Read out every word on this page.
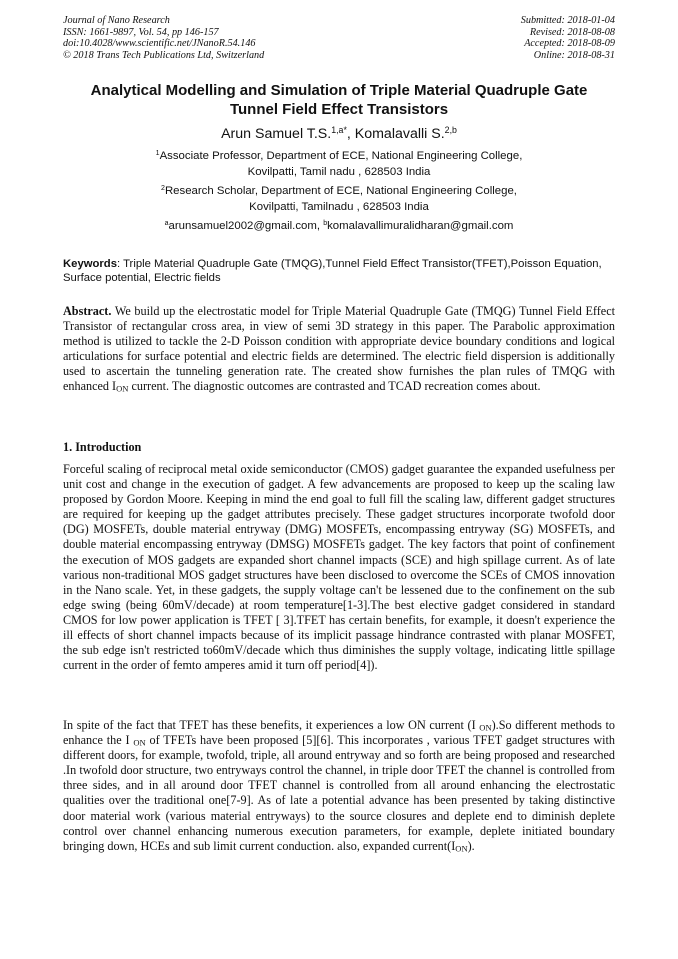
Journal of Nano Research
ISSN: 1661-9897, Vol. 54, pp 146-157
doi:10.4028/www.scientific.net/JNanoR.54.146
© 2018 Trans Tech Publications Ltd, Switzerland
Submitted: 2018-01-04
Revised: 2018-08-08
Accepted: 2018-08-09
Online: 2018-08-31
Analytical Modelling and Simulation of Triple Material Quadruple Gate
Tunnel Field Effect Transistors
Arun Samuel T.S.$^{1,a*}$, Komalavalli S.$^{2,b}$
$^1$Associate Professor, Department of ECE, National Engineering College,
Kovilpatti, Tamil nadu , 628503 India
$^2$Research Scholar, Department of ECE, National Engineering College,
Kovilpatti, Tamilnadu , 628503 India
$^a$arunsamuel2002@gmail.com, $^b$komalavallimuralidharan@gmail.com
Keywords: Triple Material Quadruple Gate (TMQG),Tunnel Field Effect Transistor(TFET),Poisson Equation, Surface potential, Electric fields

Abstract. We build up the electrostatic model for Triple Material Quadruple Gate (TMQG) Tunnel Field Effect Transistor of rectangular cross area, in view of semi 3D strategy in this paper. The Parabolic approximation method is utilized to tackle the 2-D Poisson condition with appropriate device boundary conditions and logical articulations for surface potential and electric fields are determined. The electric field dispersion is additionally used to ascertain the tunneling generation rate. The created show furnishes the plan rules of TMQG with enhanced $I_{ON}$ current. The diagnostic outcomes are contrasted and TCAD recreation comes about.

1. Introduction

Forceful scaling of reciprocal metal oxide semiconductor (CMOS) gadget guarantee the expanded usefulness per unit cost and change in the execution of gadget. A few advancements are proposed to keep up the scaling law proposed by Gordon Moore. Keeping in mind the end goal to full fill the scaling law, different gadget structures are required for keeping up the gadget attributes precisely. These gadget structures incorporate twofold door (DG) MOSFETs, double material entryway (DMG) MOSFETs, encompassing entryway (SG) MOSFETs, and double material encompassing entryway (DMSG) MOSFETs gadget. The key factors that point of confinement the execution of MOS gadgets are expanded short channel impacts (SCE) and high spillage current. As of late various non-traditional MOS gadget structures have been disclosed to overcome the SCEs of CMOS innovation in the Nano scale. Yet, in these gadgets, the supply voltage can't be lessened due to the confinement on the sub edge swing (being 60mV/decade) at room temperature[1-3].The best elective gadget considered in standard CMOS for low power application is TFET [ 3].TFET has certain benefits, for example, it doesn't experience the ill effects of short channel impacts because of its implicit passage hindrance contrasted with planar MOSFET, the sub edge isn't restricted to60mV/decade which thus diminishes the supply voltage, indicating little spillage current in the order of femto amperes amid it turn off period[4]).

In spite of the fact that TFET has these benefits, it experiences a low ON current (I $_{ON}$).So different methods to enhance the I $_{ON}$ of TFETs have been proposed [5][6]. This incorporates , various TFET gadget structures with different doors, for example, twofold, triple, all around entryway and so forth are being proposed and researched .In twofold door structure, two entryways control the channel, in triple door TFET the channel is controlled from three sides, and in all around door TFET channel is controlled from all around enhancing the electrostatic qualities over the traditional one[7-9]. As of late a potential advance has been presented by taking distinctive door material work (various material entryways) to the source closures and deplete end to diminish deplete control over channel enhancing numerous execution parameters, for example, deplete initiated boundary bringing down, HCEs and sub limit current conduction. also, expanded $current(I_{ON})$.
